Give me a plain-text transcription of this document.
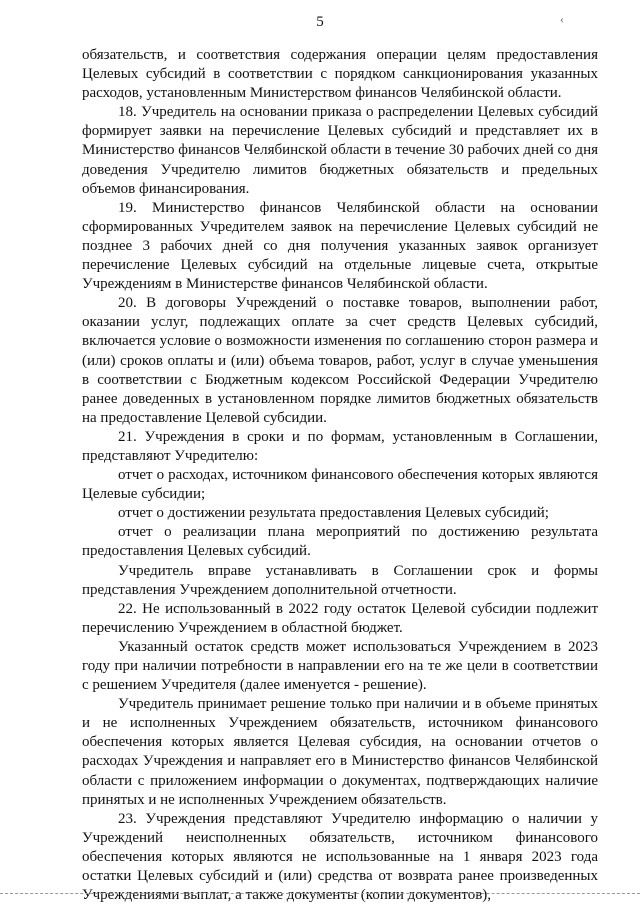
5	‹

обязательств, и соответствия содержания операции целям предоставления Целевых субсидий в соответствии с порядком санкционирования указанных расходов, установленным Министерством финансов Челябинской области.

18. Учредитель на основании приказа о распределении Целевых субсидий формирует заявки на перечисление Целевых субсидий и представляет их в Министерство финансов Челябинской области в течение 30 рабочих дней со дня доведения Учредителю лимитов бюджетных обязательств и предельных объемов финансирования.

19. Министерство финансов Челябинской области на основании сформированных Учредителем заявок на перечисление Целевых субсидий не позднее 3 рабочих дней со дня получения указанных заявок организует перечисление Целевых субсидий на отдельные лицевые счета, открытые Учреждениям в Министерстве финансов Челябинской области.

20. В договоры Учреждений о поставке товаров, выполнении работ, оказании услуг, подлежащих оплате за счет средств Целевых субсидий, включается условие о возможности изменения по соглашению сторон размера и (или) сроков оплаты и (или) объема товаров, работ, услуг в случае уменьшения в соответствии с Бюджетным кодексом Российской Федерации Учредителю ранее доведенных в установленном порядке лимитов бюджетных обязательств на предоставление Целевой субсидии.

21. Учреждения в сроки и по формам, установленным в Соглашении, представляют Учредителю:

отчет о расходах, источником финансового обеспечения которых являются Целевые субсидии;

отчет о достижении результата предоставления Целевых субсидий;

отчет о реализации плана мероприятий по достижению результата предоставления Целевых субсидий.

Учредитель вправе устанавливать в Соглашении срок и формы представления Учреждением дополнительной отчетности.

22. Не использованный в 2022 году остаток Целевой субсидии подлежит перечислению Учреждением в областной бюджет.

Указанный остаток средств может использоваться Учреждением в 2023 году при наличии потребности в направлении его на те же цели в соответствии с решением Учредителя (далее именуется - решение).

Учредитель принимает решение только при наличии и в объеме принятых и не исполненных Учреждением обязательств, источником финансового обеспечения которых является Целевая субсидия, на основании отчетов о расходах Учреждения и направляет его в Министерство финансов Челябинской области с приложением информации о документах, подтверждающих наличие принятых и не исполненных Учреждением обязательств.

23. Учреждения представляют Учредителю информацию о наличии у Учреждений неисполненных обязательств, источником финансового обеспечения которых являются не использованные на 1 января 2023 года остатки Целевых субсидий и (или) средства от возврата ранее произведенных Учреждениями выплат, а также документы (копии документов),
